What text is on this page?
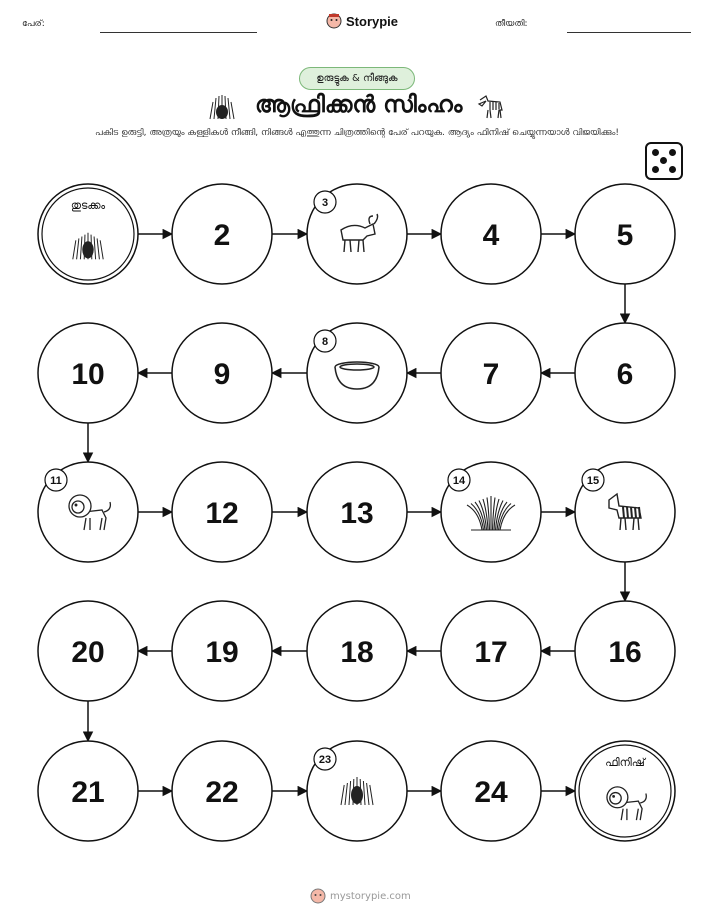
പേര്:	Storypie	തീയതി:
ഉരുട്ടുക & നീങ്ങുക
ആഫ്രിക്കൻ സിംഹം
പകിട ഉരുട്ടി, അത്രയും കള്ളികൾ നീങ്ങി, നിങ്ങൾ എത്തുന്ന ചിത്രത്തിന്റെ പേര് പറയുക. ആദ്യം ഫിനിഷ് ചെയ്യുന്നയാൾ വിജയിക്കും!
തുടക്കം
2
3
4	5
6
7
8
9
10
11
12	13
14	15
16
17
18
19
20
21	22
23
24
ഫിനിഷ്
mystorypie.com
